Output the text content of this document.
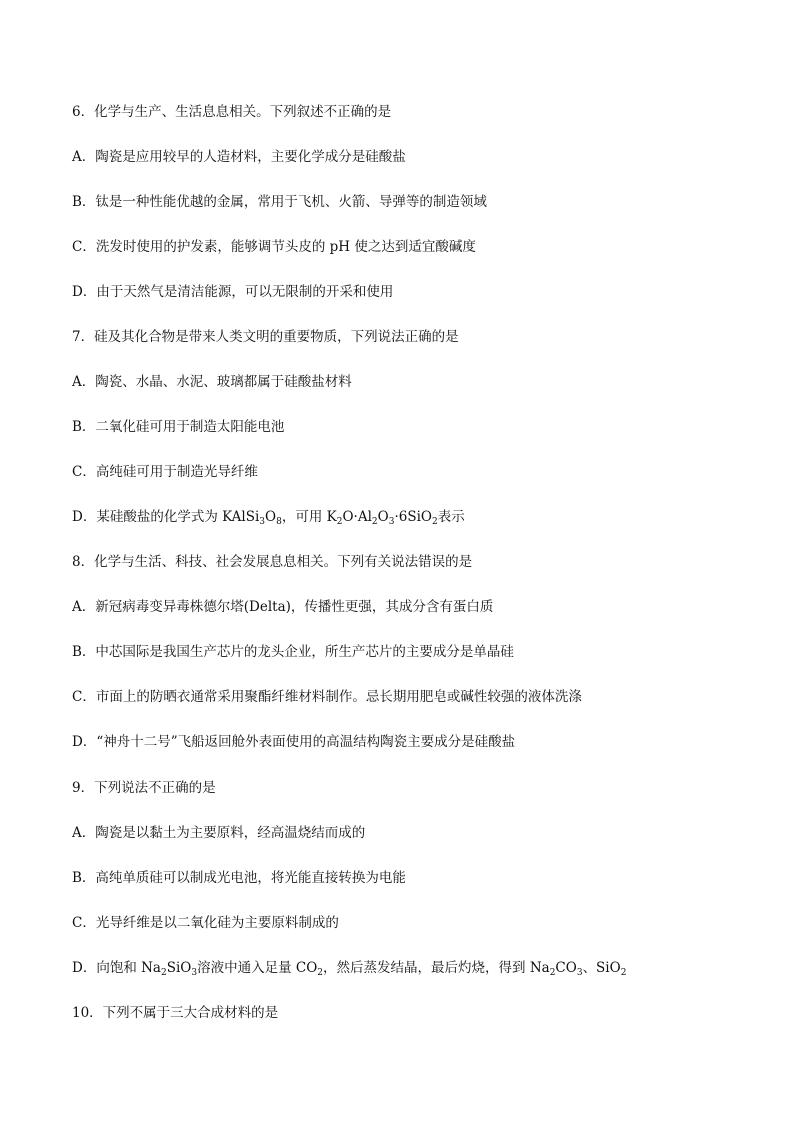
6．化学与生产、生活息息相关。下列叙述不正确的是
A．陶瓷是应用较早的人造材料，主要化学成分是硅酸盐
B．钛是一种性能优越的金属，常用于飞机、火箭、导弹等的制造领域
C．洗发时使用的护发素，能够调节头皮的 pH 使之达到适宜酸碱度
D．由于天然气是清洁能源，可以无限制的开采和使用
7．硅及其化合物是带来人类文明的重要物质，下列说法正确的是
A．陶瓷、水晶、水泥、玻璃都属于硅酸盐材料
B．二氧化硅可用于制造太阳能电池
C．高纯硅可用于制造光导纤维
D．某硅酸盐的化学式为 $KAlSi_3O_8$，可用 $K_2O\cdot Al_2O_3\cdot 6SiO_2$表示
8．化学与生活、科技、社会发展息息相关。下列有关说法错误的是
A．新冠病毒变异毒株德尔塔(Delta)，传播性更强，其成分含有蛋白质
B．中芯国际是我国生产芯片的龙头企业，所生产芯片的主要成分是单晶硅
C．市面上的防晒衣通常采用聚酯纤维材料制作。忌长期用肥皂或碱性较强的液体洗涤
D．“神舟十二号”飞船返回舱外表面使用的高温结构陶瓷主要成分是硅酸盐
9．下列说法不正确的是
A．陶瓷是以黏土为主要原料，经高温烧结而成的
B．高纯单质硅可以制成光电池，将光能直接转换为电能
C．光导纤维是以二氧化硅为主要原料制成的
D．向饱和 $Na_2SiO_3$溶液中通入足量 $CO_2$，然后蒸发结晶，最后灼烧，得到 $Na_2CO_3$、SiO$_2$
10．下列不属于三大合成材料的是
